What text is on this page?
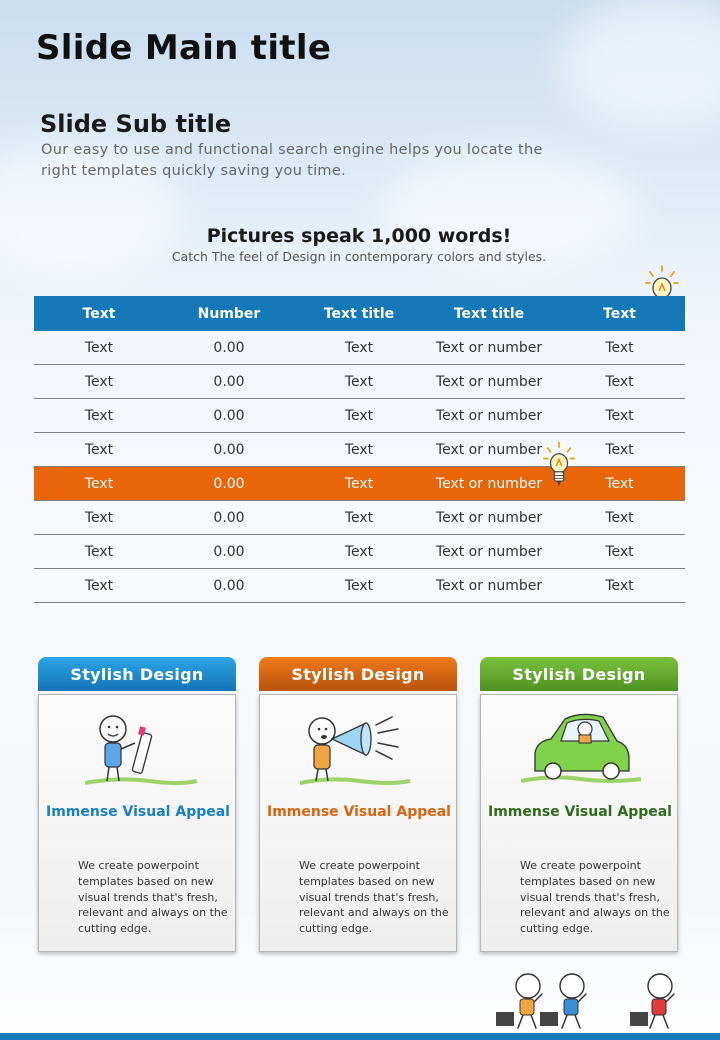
Slide Main title
Slide Sub title
Our easy to use and functional search engine helps you locate the right templates quickly saving you time.
Pictures speak 1,000 words!
Catch The feel of Design in contemporary colors and styles.
Text	Number	Text title	Text title	Text
Text	0.00	Text	Text or number	Text
Text	0.00	Text	Text or number	Text
Text	0.00	Text	Text or number	Text
Text	0.00	Text	Text or number	Text
Text	0.00	Text	Text or number	Text
Text	0.00	Text	Text or number	Text
Text	0.00	Text	Text or number	Text
Text	0.00	Text	Text or number	Text
Stylish Design
Immense Visual Appeal
We create powerpoint templates based on new visual trends that's fresh, relevant and always on the cutting edge.
Stylish Design
Immense Visual Appeal
We create powerpoint templates based on new visual trends that's fresh, relevant and always on the cutting edge.
Stylish Design
Immense Visual Appeal
We create powerpoint templates based on new visual trends that's fresh, relevant and always on the cutting edge.
